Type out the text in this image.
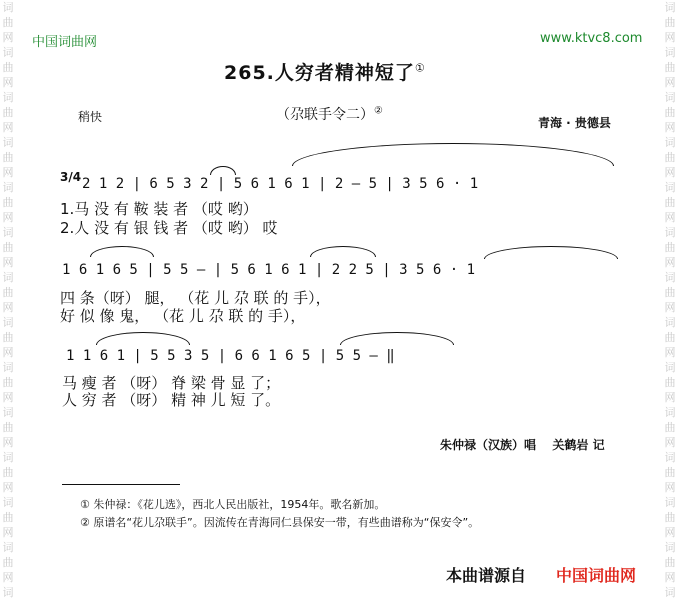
词
曲
网
词
曲
网
词
曲
网
词
曲
网
词
曲
网
词
曲
网
词
曲
网
词
曲
网
词
曲
网
词
曲
网
词
曲
网
词
曲
网
词
曲
网
词
词
曲
网
词
曲
网
词
曲
网
词
曲
网
词
曲
网
词
曲
网
词
曲
网
词
曲
网
词
曲
网
词
曲
网
词
曲
网
词
曲
网
词
曲
网
词
中国词曲网	www.ktvc8.com
265.人穷者精神短了①
（尕联手令二）②
稍快	青海 · 贵德县
3/4 2 1 2 | 6 5 3 2 | 5 6 1 6 1 | 2 – 5 | 3 5 6 · 1
1.马 没 有 鞍 装 者 （哎 哟）
2.人 没 有 银 钱 者 （哎 哟） 哎
1 6 1 6 5 | 5 5 – | 5 6 1 6 1 | 2 2 5 | 3 5 6 · 1
四 条（呀） 腿， （花 儿 尕 联 的 手），
好 似 像 鬼， （花 儿 尕 联 的 手），
1 1 6 1 | 5 5 3 5 | 6 6 1 6 5 | 5 5 – ‖
马 瘦 者 （呀） 脊 梁 骨 显 了；
人 穷 者 （呀） 精 神 儿 短 了。
朱仲禄（汉族）唱 关鹤岩 记
① 朱仲禄：《花儿选》，西北人民出版社，1954年。歌名新加。
② 原谱名“花儿尕联手”。因流传在青海同仁县保安一带，有些曲谱称为“保安令”。
本曲谱源自 中国词曲网
